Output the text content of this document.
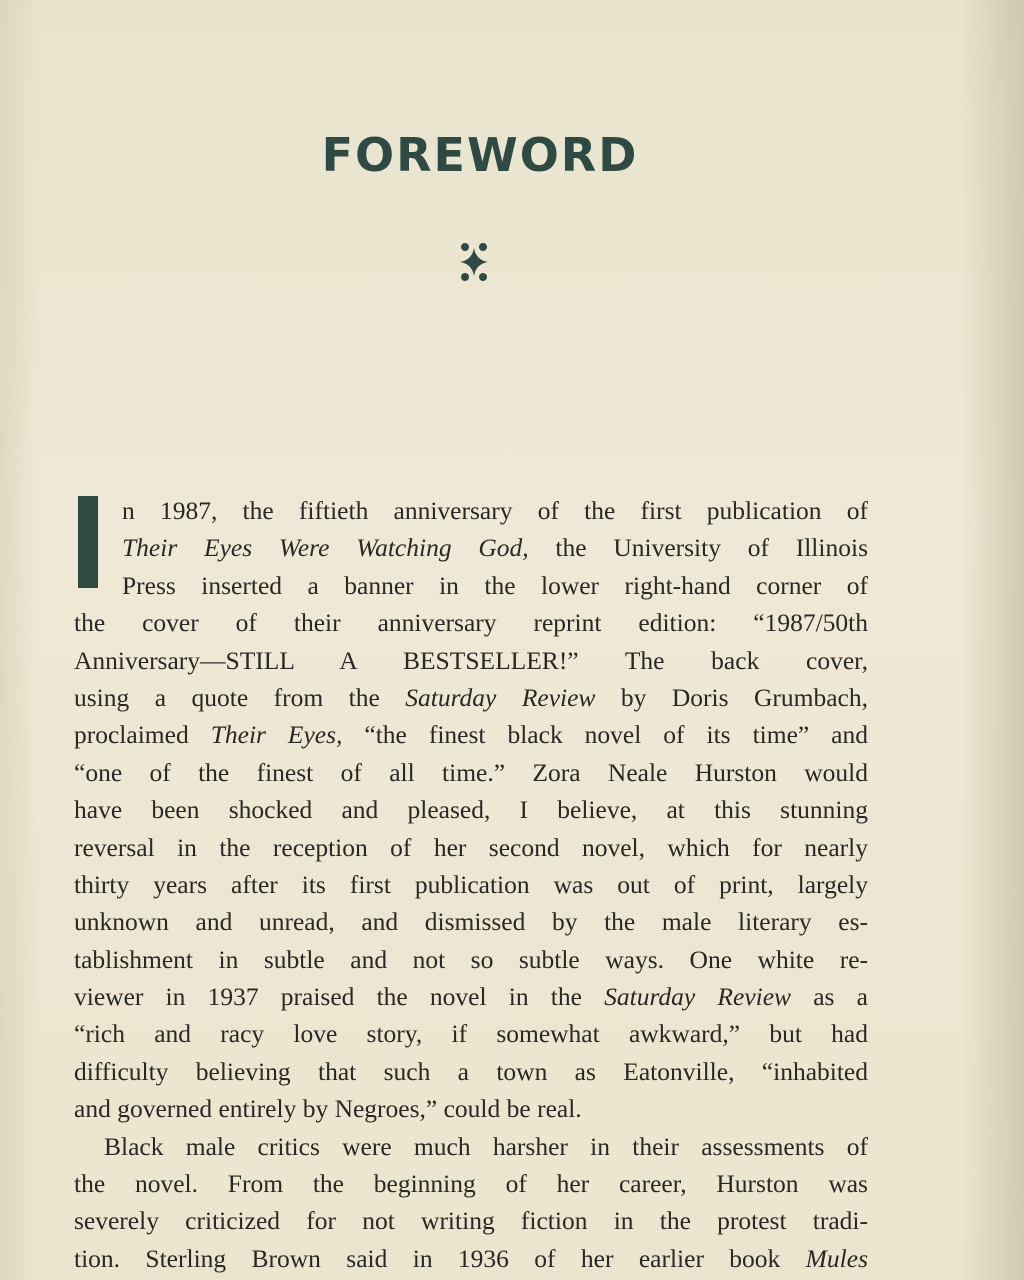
FOREWORD
n 1987, the fiftieth anniversary of the first publication of
Their Eyes Were Watching God, the University of Illinois
Press inserted a banner in the lower right-hand corner of
the cover of their anniversary reprint edition: “1987/50th
Anniversary—STILL A BESTSELLER!” The back cover,
using a quote from the Saturday Review by Doris Grumbach,
proclaimed Their Eyes, “the finest black novel of its time” and
“one of the finest of all time.” Zora Neale Hurston would
have been shocked and pleased, I believe, at this stunning
reversal in the reception of her second novel, which for nearly
thirty years after its first publication was out of print, largely
unknown and unread, and dismissed by the male literary es-
tablishment in subtle and not so subtle ways. One white re-
viewer in 1937 praised the novel in the Saturday Review as a
“rich and racy love story, if somewhat awkward,” but had
difficulty believing that such a town as Eatonville, “inhabited
and governed entirely by Negroes,” could be real.
Black male critics were much harsher in their assessments of
the novel. From the beginning of her career, Hurston was
severely criticized for not writing fiction in the protest tradi-
tion. Sterling Brown said in 1936 of her earlier book Mules
